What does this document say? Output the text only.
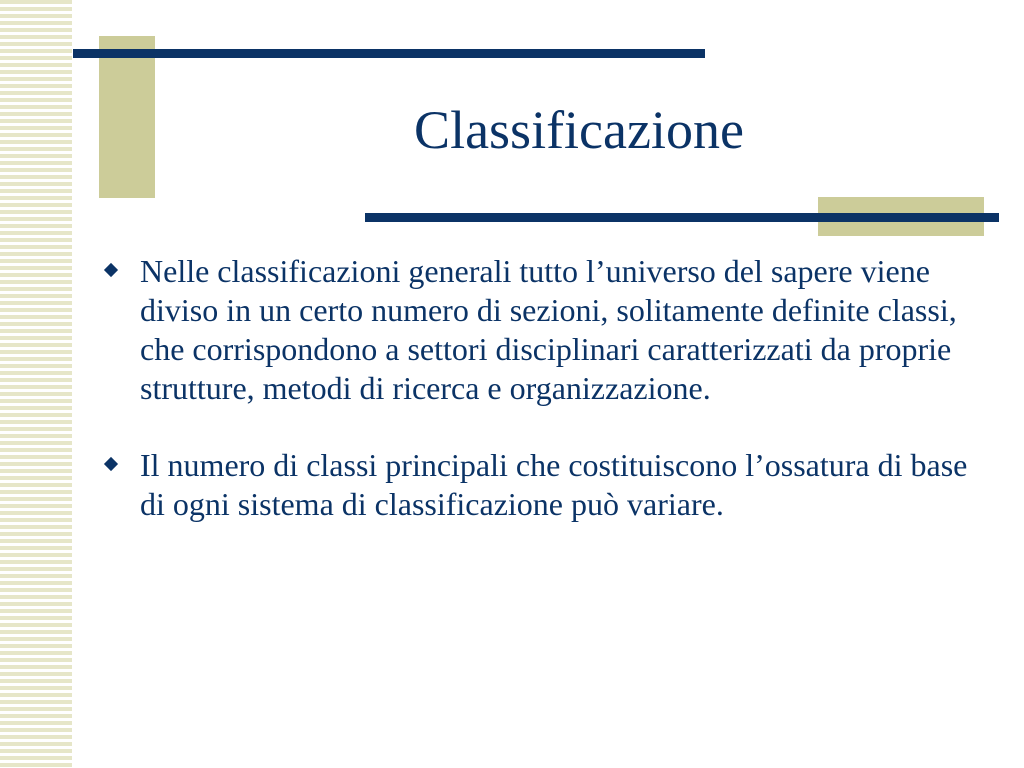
Classificazione
Nelle classificazioni generali tutto l’universo del sapere viene diviso in un certo numero di sezioni, solitamente definite classi, che corrispondono a settori disciplinari caratterizzati da proprie strutture, metodi di ricerca e organizzazione.
Il numero di classi principali che costituiscono l’ossatura di base di ogni sistema di classificazione può variare.
